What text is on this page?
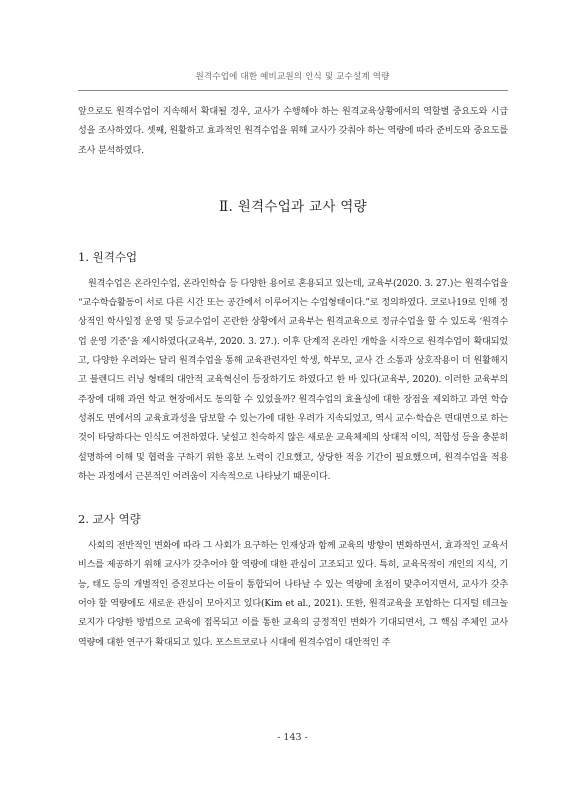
원격수업에 대한 예비교원의 인식 및 교수설계 역량

앞으로도 원격수업이 지속해서 확대될 경우, 교사가 수행해야 하는 원격교육상황에서의 역할별 중요도와 시급성을 조사하였다. 셋째, 원활하고 효과적인 원격수업을 위해 교사가 갖춰야 하는 역량에 따라 준비도와 중요도를 조사 분석하였다.

Ⅱ. 원격수업과 교사 역량
1. 원격수업

원격수업은 온라인수업, 온라인학습 등 다양한 용어로 혼용되고 있는데, 교육부(2020. 3. 27.)는 원격수업을 “교수학습활동이 서로 다른 시간 또는 공간에서 이루어지는 수업형태이다.”로 정의하였다. 코로나19로 인해 정상적인 학사일정 운영 및 등교수업이 곤란한 상황에서 교육부는 원격교육으로 정규수업을 할 수 있도록 ‘원격수업 운영 기준’을 제시하였다(교육부, 2020. 3. 27.). 이후 단계적 온라인 개학을 시작으로 원격수업이 확대되었고, 다양한 우려와는 달리 원격수업을 통해 교육관련자인 학생, 학부모, 교사 간 소통과 상호작용이 더 원활해지고 블렌디드 러닝 형태의 대안적 교육혁신이 등장하기도 하였다고 한 바 있다(교육부, 2020). 이러한 교육부의 주장에 대해 과연 학교 현장에서도 동의할 수 있었을까? 원격수업의 효율성에 대한 장점을 제외하고 과연 학습성취도 면에서의 교육효과성을 담보할 수 있는가에 대한 우려가 지속되었고, 역시 교수·학습은 면대면으로 하는 것이 타당하다는 인식도 여전하였다. 낯설고 친숙하지 않은 새로운 교육체제의 상대적 이익, 적합성 등을 충분히 설명하여 이해 및 협력을 구하기 위한 홍보 노력이 긴요했고, 상당한 적응 기간이 필요했으며, 원격수업을 적용하는 과정에서 근본적인 어려움이 지속적으로 나타났기 때문이다.

2. 교사 역량

사회의 전반적인 변화에 따라 그 사회가 요구하는 인재상과 함께 교육의 방향이 변화하면서, 효과적인 교육서비스를 제공하기 위해 교사가 갖추어야 할 역량에 대한 관심이 고조되고 있다. 특히, 교육목적이 개인의 지식, 기능, 태도 등의 개별적인 증진보다는 이들이 통합되어 나타날 수 있는 역량에 초점이 맞추어지면서, 교사가 갖추어야 할 역량에도 새로운 관심이 모아지고 있다(Kim et al., 2021). 또한, 원격교육을 포함하는 디지털 테크놀로지가 다양한 방법으로 교육에 접목되고 이를 통한 교육의 긍정적인 변화가 기대되면서, 그 핵심 주체인 교사 역량에 대한 연구가 확대되고 있다. 포스트코로나 시대에 원격수업이 대안적인 주

- 143 -
